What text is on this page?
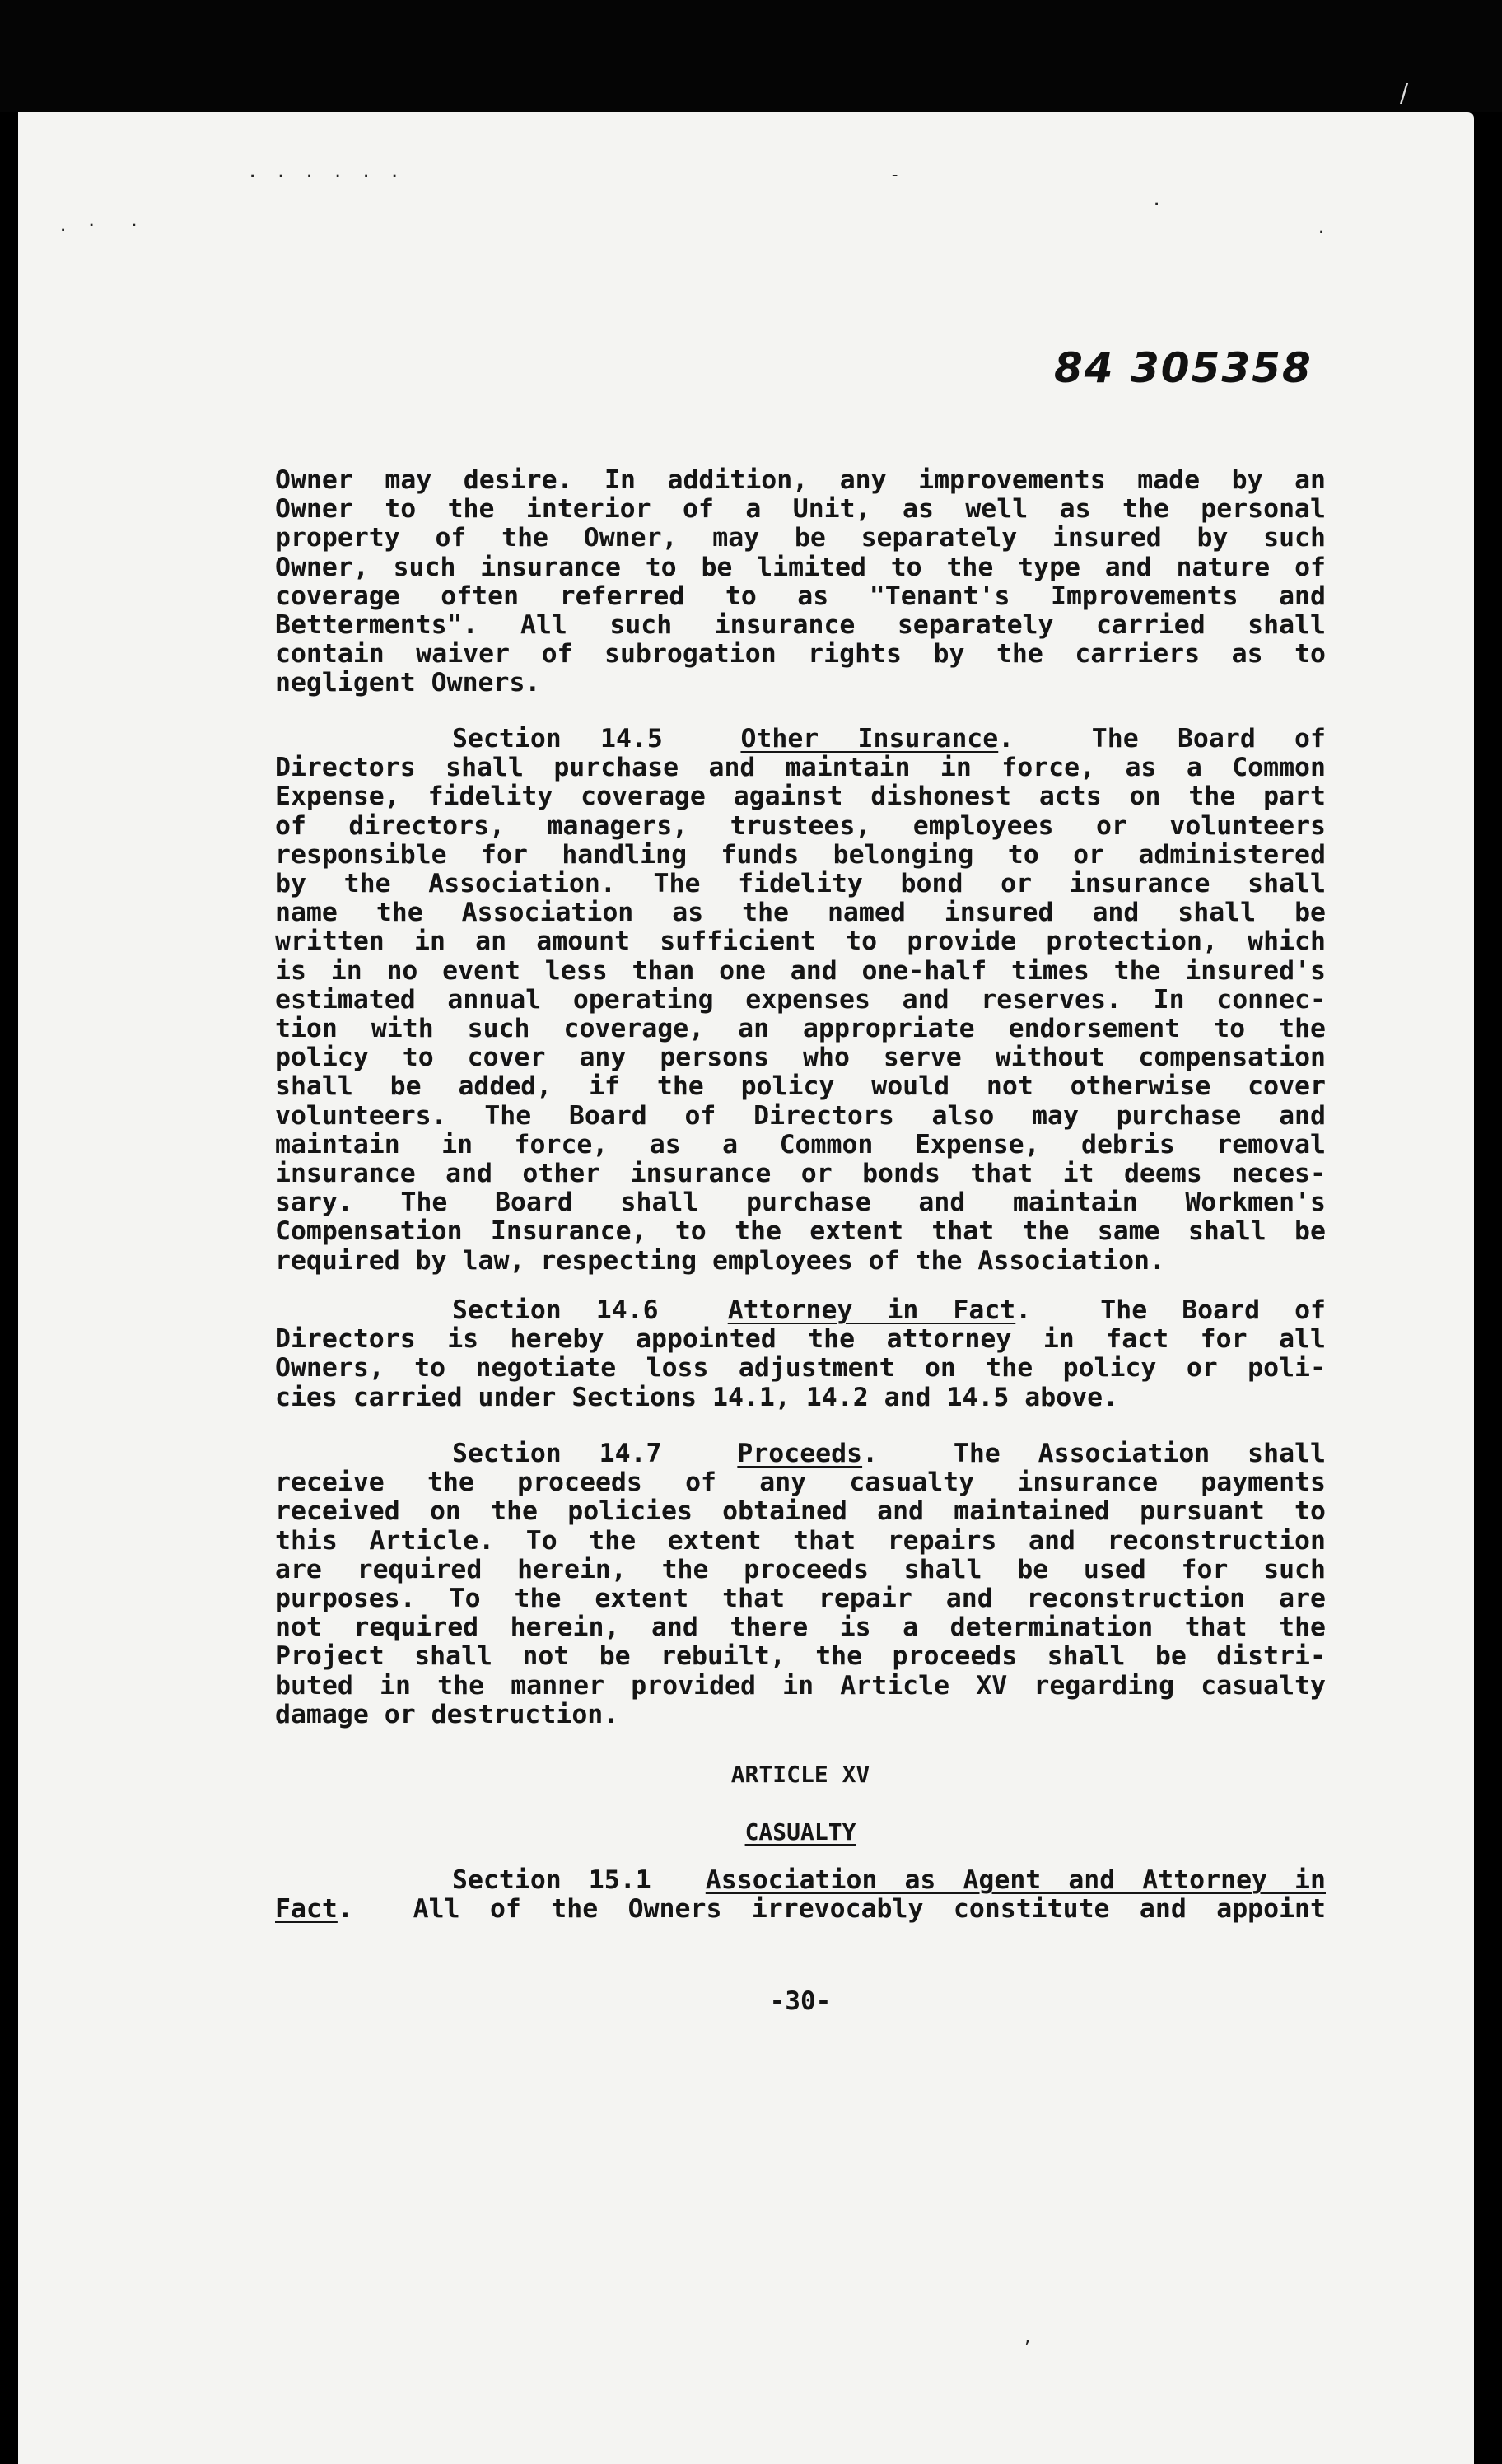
. . . . . .
. ·  ·
-
·
·
/
,
84 305358
Owner may desire. In addition, any improvements made by an
Owner to the interior of a Unit, as well as the personal
property of the Owner, may be separately insured by such
Owner, such insurance to be limited to the type and nature of
coverage often referred to as "Tenant's Improvements and
Betterments". All such insurance separately carried shall
contain waiver of subrogation rights by the carriers as to
negligent Owners.
Section 14.5	Other Insurance.  The Board of
Directors shall purchase and maintain in force, as a Common
Expense, fidelity coverage against dishonest acts on the part
of directors, managers, trustees, employees or volunteers
responsible for handling funds belonging to or administered
by the Association. The fidelity bond or insurance shall
name the Association as the named insured and shall be
written in an amount sufficient to provide protection, which
is in no event less than one and one-half times the insured's
estimated annual operating expenses and reserves. In connec-
tion with such coverage, an appropriate endorsement to the
policy to cover any persons who serve without compensation
shall be added, if the policy would not otherwise cover
volunteers. The Board of Directors also may purchase and
maintain in force, as a Common Expense, debris removal
insurance and other insurance or bonds that it deems neces-
sary. The Board shall purchase and maintain Workmen's
Compensation Insurance, to the extent that the same shall be
required by law, respecting employees of the Association.
Section 14.6	Attorney in Fact.  The Board of
Directors is hereby appointed the attorney in fact for all
Owners, to negotiate loss adjustment on the policy or poli-
cies carried under Sections 14.1, 14.2 and 14.5 above.
Section 14.7	Proceeds.  The Association shall
receive the proceeds of any casualty insurance payments
received on the policies obtained and maintained pursuant to
this Article. To the extent that repairs and reconstruction
are required herein, the proceeds shall be used for such
purposes. To the extent that repair and reconstruction are
not required herein, and there is a determination that the
Project shall not be rebuilt, the proceeds shall be distri-
buted in the manner provided in Article XV regarding casualty
damage or destruction.
ARTICLE XV
CASUALTY
Section 15.1 Association as Agent and Attorney in
Fact.  All of the Owners irrevocably constitute and appoint
-30-
